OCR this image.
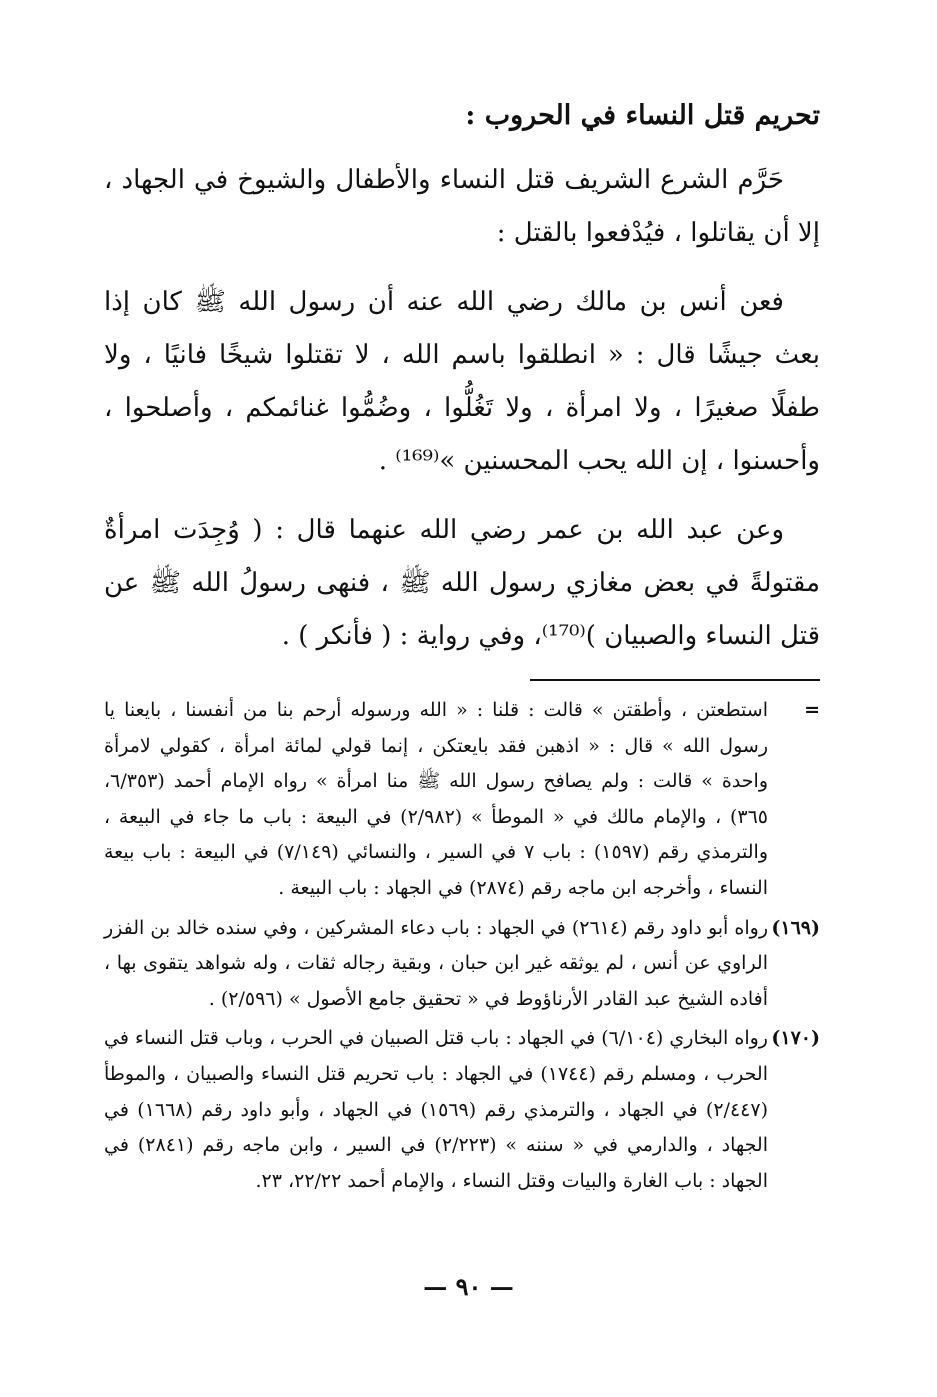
تحريم قتل النساء في الحروب :

حَرَّم الشرع الشريف قتل النساء والأطفال والشيوخ في الجهاد ، إلا أن يقاتلوا ، فيُدْفعوا بالقتل :

فعن أنس بن مالك رضي الله عنه أن رسول الله ﷺ كان إذا بعث جيشًا قال : « انطلقوا باسم الله ، لا تقتلوا شيخًا فانيًا ، ولا طفلًا صغيرًا ، ولا امرأة ، ولا تَغُلُّوا ، وضُمُّوا غنائمكم ، وأصلحوا ، وأحسنوا ، إن الله يحب المحسنين »⁽¹⁶⁹⁾ .

وعن عبد الله بن عمر رضي الله عنهما قال : ( وُجِدَت امرأةٌ مقتولةً في بعض مغازي رسول الله ﷺ ، فنهى رسولُ الله ﷺ عن قتل النساء والصبيان )⁽¹⁷⁰⁾، وفي رواية : ( فأنكر ) .

=
استطعتن ، وأطقتن » قالت : قلنا : « الله ورسوله أرحم بنا من أنفسنا ، بايعنا يا رسول الله » قال : « اذهبن فقد بايعتكن ، إنما قولي لمائة امرأة ، كقولي لامرأة واحدة » قالت : ولم يصافح رسول الله ﷺ منا امرأة » رواه الإمام أحمد (٦/٣٥٣، ٣٦٥) ، والإمام مالك في « الموطأ » (٢/٩٨٢) في البيعة : باب ما جاء في البيعة ، والترمذي رقم (١٥٩٧) : باب ٧ في السير ، والنسائي (٧/١٤٩) في البيعة : باب بيعة النساء ، وأخرجه ابن ماجه رقم (٢٨٧٤) في الجهاد : باب البيعة .
(١٦٩)
رواه أبو داود رقم (٢٦١٤) في الجهاد : باب دعاء المشركين ، وفي سنده خالد بن الفزر الراوي عن أنس ، لم يوثقه غير ابن حبان ، وبقية رجاله ثقات ، وله شواهد يتقوى بها ، أفاده الشيخ عبد القادر الأرناؤوط في « تحقيق جامع الأصول » (٢/٥٩٦) .
(١٧٠)
رواه البخاري (٦/١٠٤) في الجهاد : باب قتل الصبيان في الحرب ، وباب قتل النساء في الحرب ، ومسلم رقم (١٧٤٤) في الجهاد : باب تحريم قتل النساء والصبيان ، والموطأ (٢/٤٤٧) في الجهاد ، والترمذي رقم (١٥٦٩) في الجهاد ، وأبو داود رقم (١٦٦٨) في الجهاد ، والدارمي في « سننه » (٢/٢٢٣) في السير ، وابن ماجه رقم (٢٨٤١) في الجهاد : باب الغارة والبيات وقتل النساء ، والإمام أحمد ٢٢/٢٢، ٢٣.
— ٩٠ —
